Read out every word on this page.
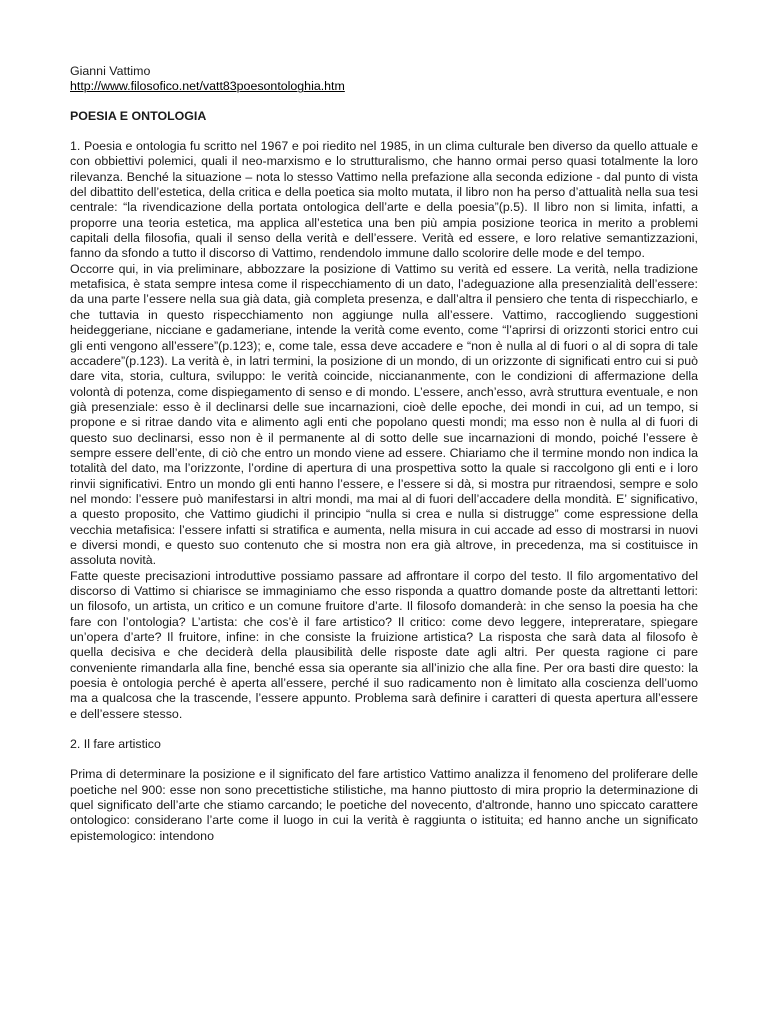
Gianni Vattimo

http://www.filosofico.net/vatt83poesontologhia.htm

POESIA E ONTOLOGIA

1. Poesia e ontologia fu scritto nel 1967 e poi riedito nel 1985, in un clima culturale ben diverso da quello attuale e con obbiettivi polemici, quali il neo-marxismo e lo strutturalismo, che hanno ormai perso quasi totalmente la loro rilevanza. Benché la situazione – nota lo stesso Vattimo nella prefazione alla seconda edizione - dal punto di vista del dibattito dell’estetica, della critica e della poetica sia molto mutata, il libro non ha perso d’attualità nella sua tesi centrale: “la rivendicazione della portata ontologica dell’arte e della poesia”(p.5). Il libro non si limita, infatti, a proporre una teoria estetica, ma applica all’estetica una ben più ampia posizione teorica in merito a problemi capitali della filosofia, quali il senso della verità e dell’essere. Verità ed essere, e loro relative semantizzazioni, fanno da sfondo a tutto il discorso di Vattimo, rendendolo immune dallo scolorire delle mode e del tempo.

Occorre qui, in via preliminare, abbozzare la posizione di Vattimo su verità ed essere. La verità, nella tradizione metafisica, è stata sempre intesa come il rispecchiamento di un dato, l’adeguazione alla presenzialità dell’essere: da una parte l’essere nella sua già data, già completa presenza, e dall’altra il pensiero che tenta di rispecchiarlo, e che tuttavia in questo rispecchiamento non aggiunge nulla all’essere. Vattimo, raccogliendo suggestioni heideggeriane, nicciane e gadameriane, intende la verità come evento, come “l’aprirsi di orizzonti storici entro cui gli enti vengono all’essere”(p.123); e, come tale, essa deve accadere e “non è nulla al di fuori o al di sopra di tale accadere”(p.123). La verità è, in latri termini, la posizione di un mondo, di un orizzonte di significati entro cui si può dare vita, storia, cultura, sviluppo: le verità coincide, nicciananmente, con le condizioni di affermazione della volontà di potenza, come dispiegamento di senso e di mondo. L’essere, anch’esso, avrà struttura eventuale, e non già presenziale: esso è il declinarsi delle sue incarnazioni, cioè delle epoche, dei mondi in cui, ad un tempo, si propone e si ritrae dando vita e alimento agli enti che popolano questi mondi; ma esso non è nulla al di fuori di questo suo declinarsi, esso non è il permanente al di sotto delle sue incarnazioni di mondo, poiché l’essere è sempre essere dell’ente, di ciò che entro un mondo viene ad essere. Chiariamo che il termine mondo non indica la totalità del dato, ma l’orizzonte, l’ordine di apertura di una prospettiva sotto la quale si raccolgono gli enti e i loro rinvii significativi. Entro un mondo gli enti hanno l’essere, e l’essere si dà, si mostra pur ritraendosi, sempre e solo nel mondo: l’essere può manifestarsi in altri mondi, ma mai al di fuori dell’accadere della mondità. E’ significativo, a questo proposito, che Vattimo giudichi il principio “nulla si crea e nulla si distrugge” come espressione della vecchia metafisica: l’essere infatti si stratifica e aumenta, nella misura in cui accade ad esso di mostrarsi in nuovi e diversi mondi, e questo suo contenuto che si mostra non era già altrove, in precedenza, ma si costituisce in assoluta novità.

Fatte queste precisazioni introduttive possiamo passare ad affrontare il corpo del testo. Il filo argomentativo del discorso di Vattimo si chiarisce se immaginiamo che esso risponda a quattro domande poste da altrettanti lettori: un filosofo, un artista, un critico e un comune fruitore d’arte. Il filosofo domanderà: in che senso la poesia ha che fare con l’ontologia? L’artista: che cos’è il fare artistico? Il critico: come devo leggere, intepreratare, spiegare un’opera d’arte? Il fruitore, infine: in che consiste la fruizione artistica? La risposta che sarà data al filosofo è quella decisiva e che deciderà della plausibilità delle risposte date agli altri. Per questa ragione ci pare conveniente rimandarla alla fine, benché essa sia operante sia all’inizio che alla fine. Per ora basti dire questo: la poesia è ontologia perché è aperta all’essere, perché il suo radicamento non è limitato alla coscienza dell’uomo ma a qualcosa che la trascende, l’essere appunto. Problema sarà definire i caratteri di questa apertura all’essere e dell’essere stesso.

2. Il fare artistico

Prima di determinare la posizione e il significato del fare artistico Vattimo analizza il fenomeno del proliferare delle poetiche nel 900: esse non sono precettistiche stilistiche, ma hanno piuttosto di mira proprio la determinazione di quel significato dell’arte che stiamo carcando; le poetiche del novecento, d'altronde, hanno uno spiccato carattere ontologico: considerano l’arte come il luogo in cui la verità è raggiunta o istituita; ed hanno anche un significato epistemologico: intendono
